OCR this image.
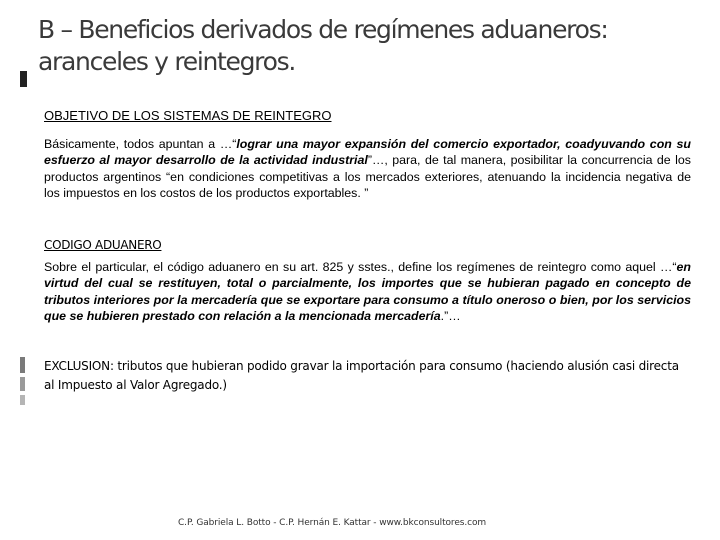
B – Beneficios derivados de regímenes aduaneros:
aranceles y reintegros.

OBJETIVO DE LOS SISTEMAS DE REINTEGRO

Básicamente, todos apuntan a …“lograr una mayor expansión del comercio exportador, coadyuvando con su esfuerzo al mayor desarrollo de la actividad industrial”…, para, de tal manera, posibilitar la concurrencia de los productos argentinos “en condiciones competitivas a los mercados exteriores, atenuando la incidencia negativa de los impuestos en los costos de los productos exportables. ”

CODIGO ADUANERO

Sobre el particular, el código aduanero en su art. 825 y sstes., define los regímenes de reintegro como aquel …“en virtud del cual se restituyen, total o parcialmente, los importes que se hubieran pagado en concepto de tributos interiores por la mercadería que se exportare para consumo a título oneroso o bien, por los servicios que se hubieren prestado con relación a la mencionada mercadería.”…

EXCLUSION: tributos que hubieran podido gravar la importación para consumo (haciendo alusión casi directa al Impuesto al Valor Agregado.)

C.P. Gabriela L. Botto - C.P. Hernán E. Kattar - www.bkconsultores.com
